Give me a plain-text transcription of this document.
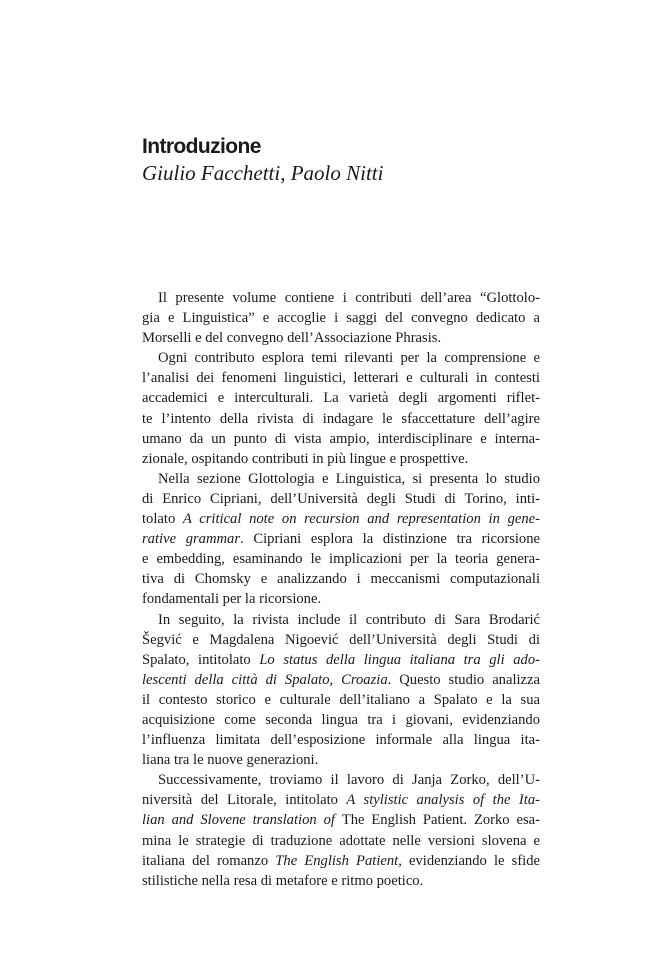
Introduzione
Giulio Facchetti, Paolo Nitti
Il presente volume contiene i contributi dell’area “Glottolo-
gia e Linguistica” e accoglie i saggi del convegno dedicato a
Morselli e del convegno dell’Associazione Phrasis.
Ogni contributo esplora temi rilevanti per la comprensione e
l’analisi dei fenomeni linguistici, letterari e culturali in contesti
accademici e interculturali. La varietà degli argomenti riflet-
te l’intento della rivista di indagare le sfaccettature dell’agire
umano da un punto di vista ampio, interdisciplinare e interna-
zionale, ospitando contributi in più lingue e prospettive.
Nella sezione Glottologia e Linguistica, si presenta lo studio
di Enrico Cipriani, dell’Università degli Studi di Torino, inti-
tolato A critical note on recursion and representation in gene-
rative grammar. Cipriani esplora la distinzione tra ricorsione
e embedding, esaminando le implicazioni per la teoria genera-
tiva di Chomsky e analizzando i meccanismi computazionali
fondamentali per la ricorsione.
In seguito, la rivista include il contributo di Sara Brodarić
Šegvić e Magdalena Nigoević dell’Università degli Studi di
Spalato, intitolato Lo status della lingua italiana tra gli ado-
lescenti della città di Spalato, Croazia. Questo studio analizza
il contesto storico e culturale dell’italiano a Spalato e la sua
acquisizione come seconda lingua tra i giovani, evidenziando
l’influenza limitata dell’esposizione informale alla lingua ita-
liana tra le nuove generazioni.
Successivamente, troviamo il lavoro di Janja Zorko, dell’U-
niversità del Litorale, intitolato A stylistic analysis of the Ita-
lian and Slovene translation of The English Patient. Zorko esa-
mina le strategie di traduzione adottate nelle versioni slovena e
italiana del romanzo The English Patient, evidenziando le sfide
stilistiche nella resa di metafore e ritmo poetico.
